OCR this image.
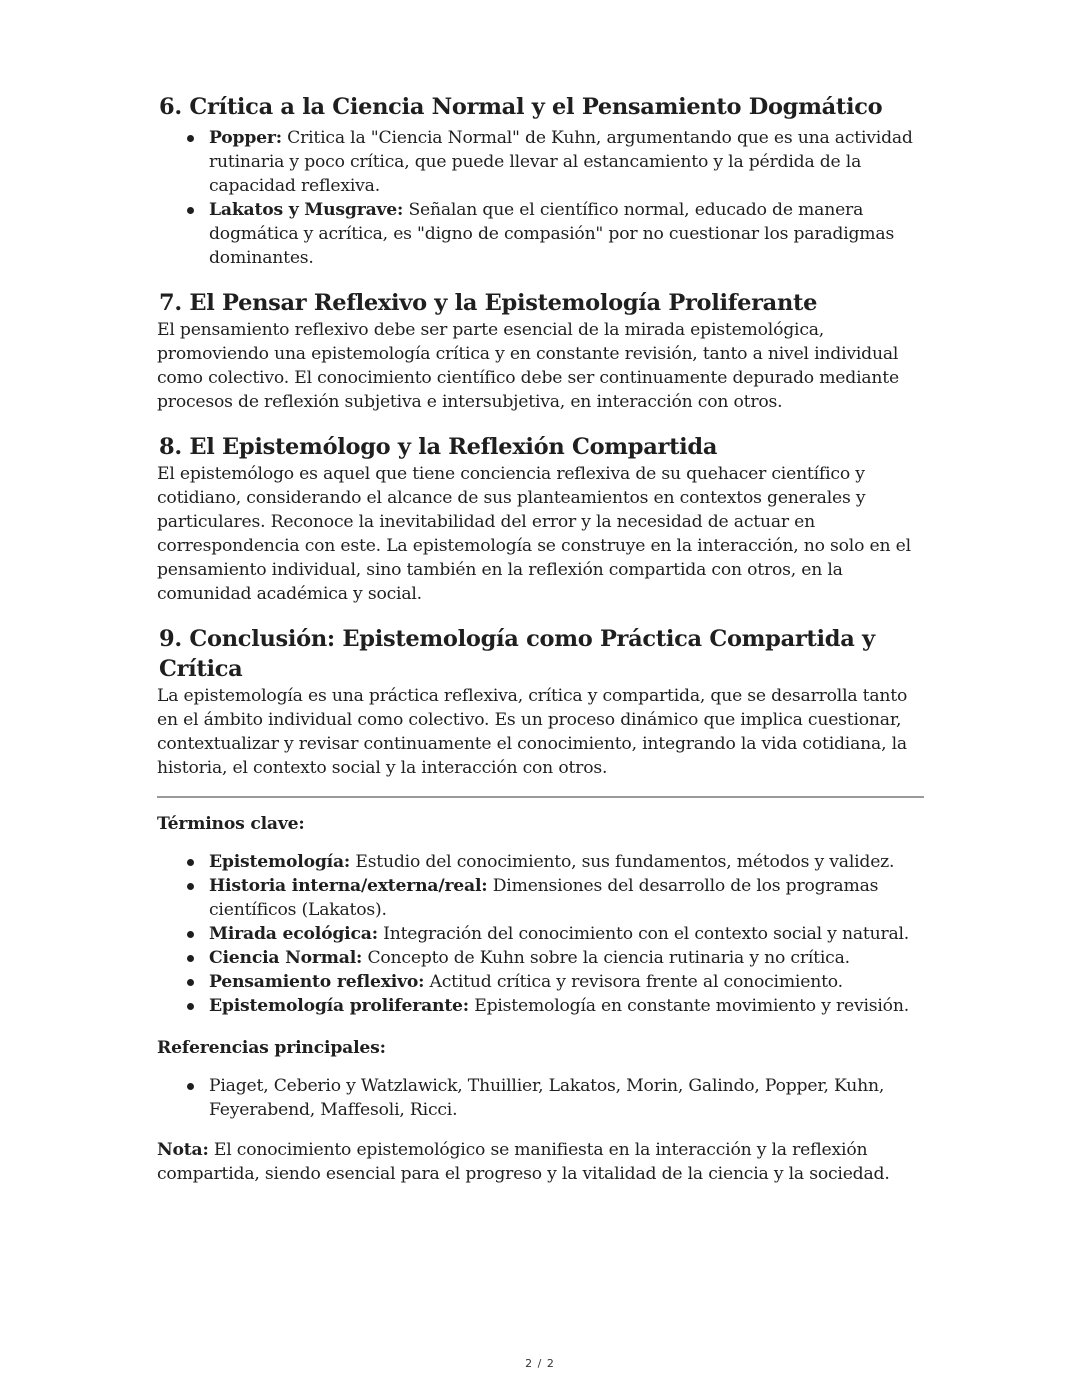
6. Crítica a la Ciencia Normal y el Pensamiento Dogmático
Popper: Critica la "Ciencia Normal" de Kuhn, argumentando que es una actividad rutinaria y poco crítica, que puede llevar al estancamiento y la pérdida de la capacidad reflexiva.
Lakatos y Musgrave: Señalan que el científico normal, educado de manera dogmática y acrítica, es "digno de compasión" por no cuestionar los paradigmas dominantes.
7. El Pensar Reflexivo y la Epistemología Proliferante

El pensamiento reflexivo debe ser parte esencial de la mirada epistemológica, promoviendo una epistemología crítica y en constante revisión, tanto a nivel individual como colectivo. El conocimiento científico debe ser continuamente depurado mediante procesos de reflexión subjetiva e intersubjetiva, en interacción con otros.

8. El Epistemólogo y la Reflexión Compartida

El epistemólogo es aquel que tiene conciencia reflexiva de su quehacer científico y cotidiano, considerando el alcance de sus planteamientos en contextos generales y particulares. Reconoce la inevitabilidad del error y la necesidad de actuar en correspondencia con este. La epistemología se construye en la interacción, no solo en el pensamiento individual, sino también en la reflexión compartida con otros, en la comunidad académica y social.

9. Conclusión: Epistemología como Práctica Compartida y Crítica

La epistemología es una práctica reflexiva, crítica y compartida, que se desarrolla tanto en el ámbito individual como colectivo. Es un proceso dinámico que implica cuestionar, contextualizar y revisar continuamente el conocimiento, integrando la vida cotidiana, la historia, el contexto social y la interacción con otros.

Términos clave:

Epistemología: Estudio del conocimiento, sus fundamentos, métodos y validez.
Historia interna/externa/real: Dimensiones del desarrollo de los programas científicos (Lakatos).
Mirada ecológica: Integración del conocimiento con el contexto social y natural.
Ciencia Normal: Concepto de Kuhn sobre la ciencia rutinaria y no crítica.
Pensamiento reflexivo: Actitud crítica y revisora frente al conocimiento.
Epistemología proliferante: Epistemología en constante movimiento y revisión.

Referencias principales:

Piaget, Ceberio y Watzlawick, Thuillier, Lakatos, Morin, Galindo, Popper, Kuhn, Feyerabend, Maffesoli, Ricci.

Nota: El conocimiento epistemológico se manifiesta en la interacción y la reflexión compartida, siendo esencial para el progreso y la vitalidad de la ciencia y la sociedad.

2 / 2
